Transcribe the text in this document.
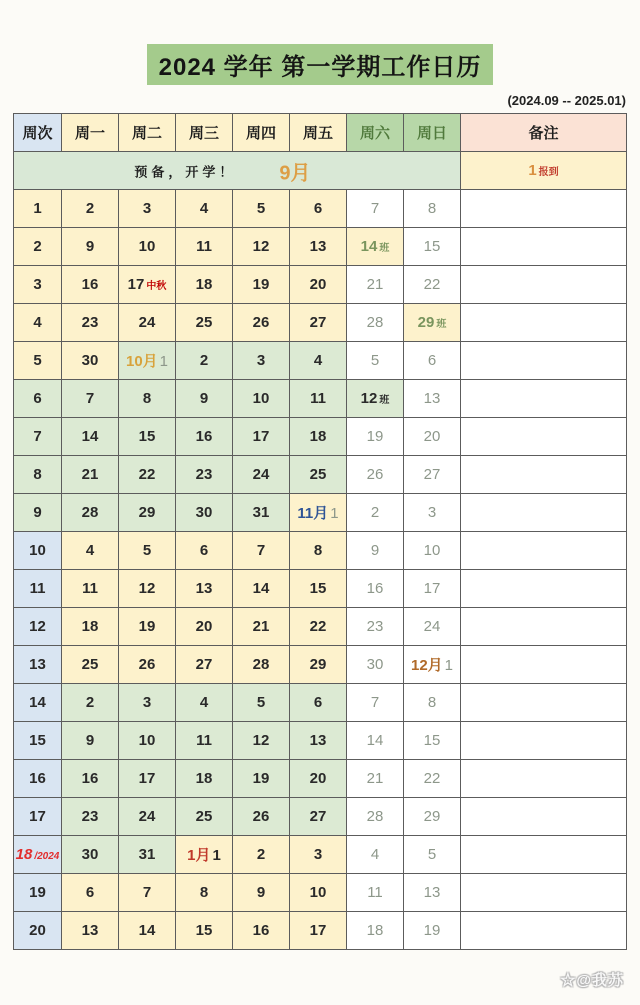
2024 学年 第一学期工作日历
(2024.09 -- 2025.01)
周次	周一	周二	周三	周四	周五	周六	周日	备注	

预备，开学！ 9月								1 报到	
1	2	3	4	5	6	7	8		
2	9	10	11	12	13	14 班	15		
3	16	17 中秋	18	19	20	21	22		
4	23	24	25	26	27	28	29 班		
5	30	10月 1	2	3	4	5	6		
6	7	8	9	10	11	12 班	13		
7	14	15	16	17	18	19	20		
8	21	22	23	24	25	26	27		
9	28	29	30	31	11月 1	2	3		
10	4	5	6	7	8	9	10		
11	11	12	13	14	15	16	17		
12	18	19	20	21	22	23	24		
13	25	26	27	28	29	30	12月 1		
14	2	3	4	5	6	7	8		
15	9	10	11	12	13	14	15		
16	16	17	18	19	20	21	22		
17	23	24	25	26	27	28	29		
18 /2024	30	31	1月 1	2	3	4	5		
19	6	7	8	9	10	11	13		
20	13	14	15	16	17	18	19		
☆@我苏
